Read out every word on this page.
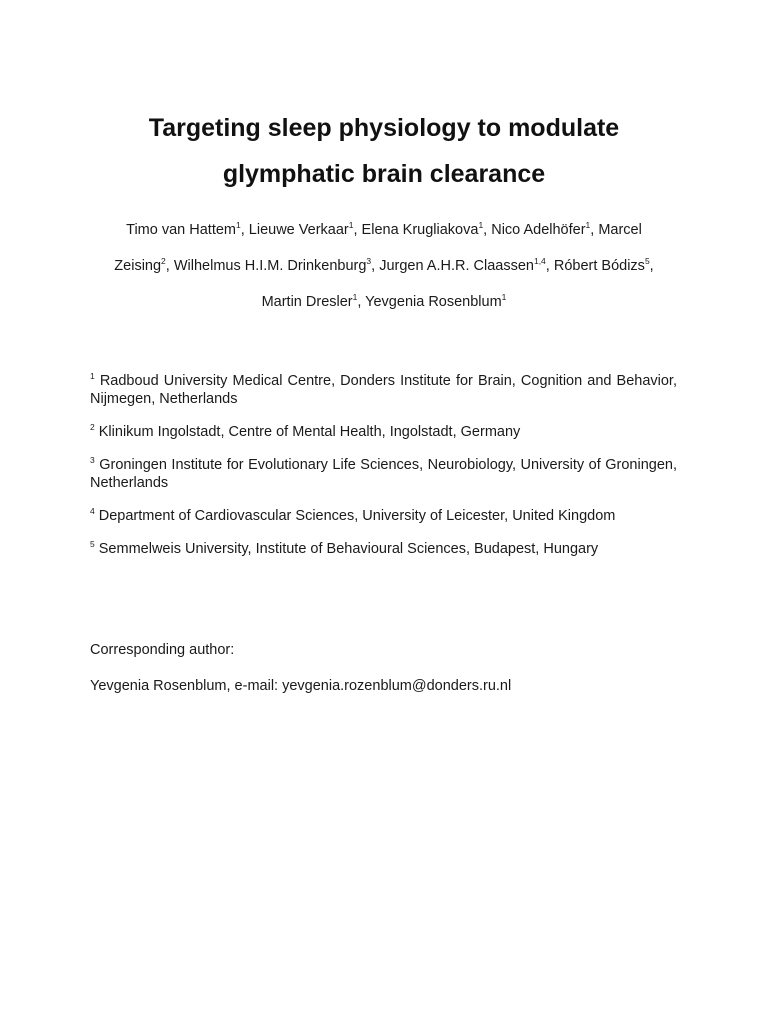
Targeting sleep physiology to modulate
glymphatic brain clearance
Timo van Hattem$^1$, Lieuwe Verkaar$^1$, Elena Krugliakova$^1$, Nico Adelhöfer$^1$, Marcel
Zeising$^2$, Wilhelmus H.I.M. Drinkenburg$^3$, Jurgen A.H.R. Claassen$^{1,4}$, Róbert Bódizs$^5$,
Martin Dresler$^1$, Yevgenia Rosenblum$^1$

$^1$ Radboud University Medical Centre, Donders Institute for Brain, Cognition and Behavior, Nijmegen, Netherlands

$^2$ Klinikum Ingolstadt, Centre of Mental Health, Ingolstadt, Germany

$^3$ Groningen Institute for Evolutionary Life Sciences, Neurobiology, University of Groningen, Netherlands

$^4$ Department of Cardiovascular Sciences, University of Leicester, United Kingdom

$^5$ Semmelweis University, Institute of Behavioural Sciences, Budapest, Hungary

Corresponding author:

Yevgenia Rosenblum, e-mail: yevgenia.rozenblum@donders.ru.nl
